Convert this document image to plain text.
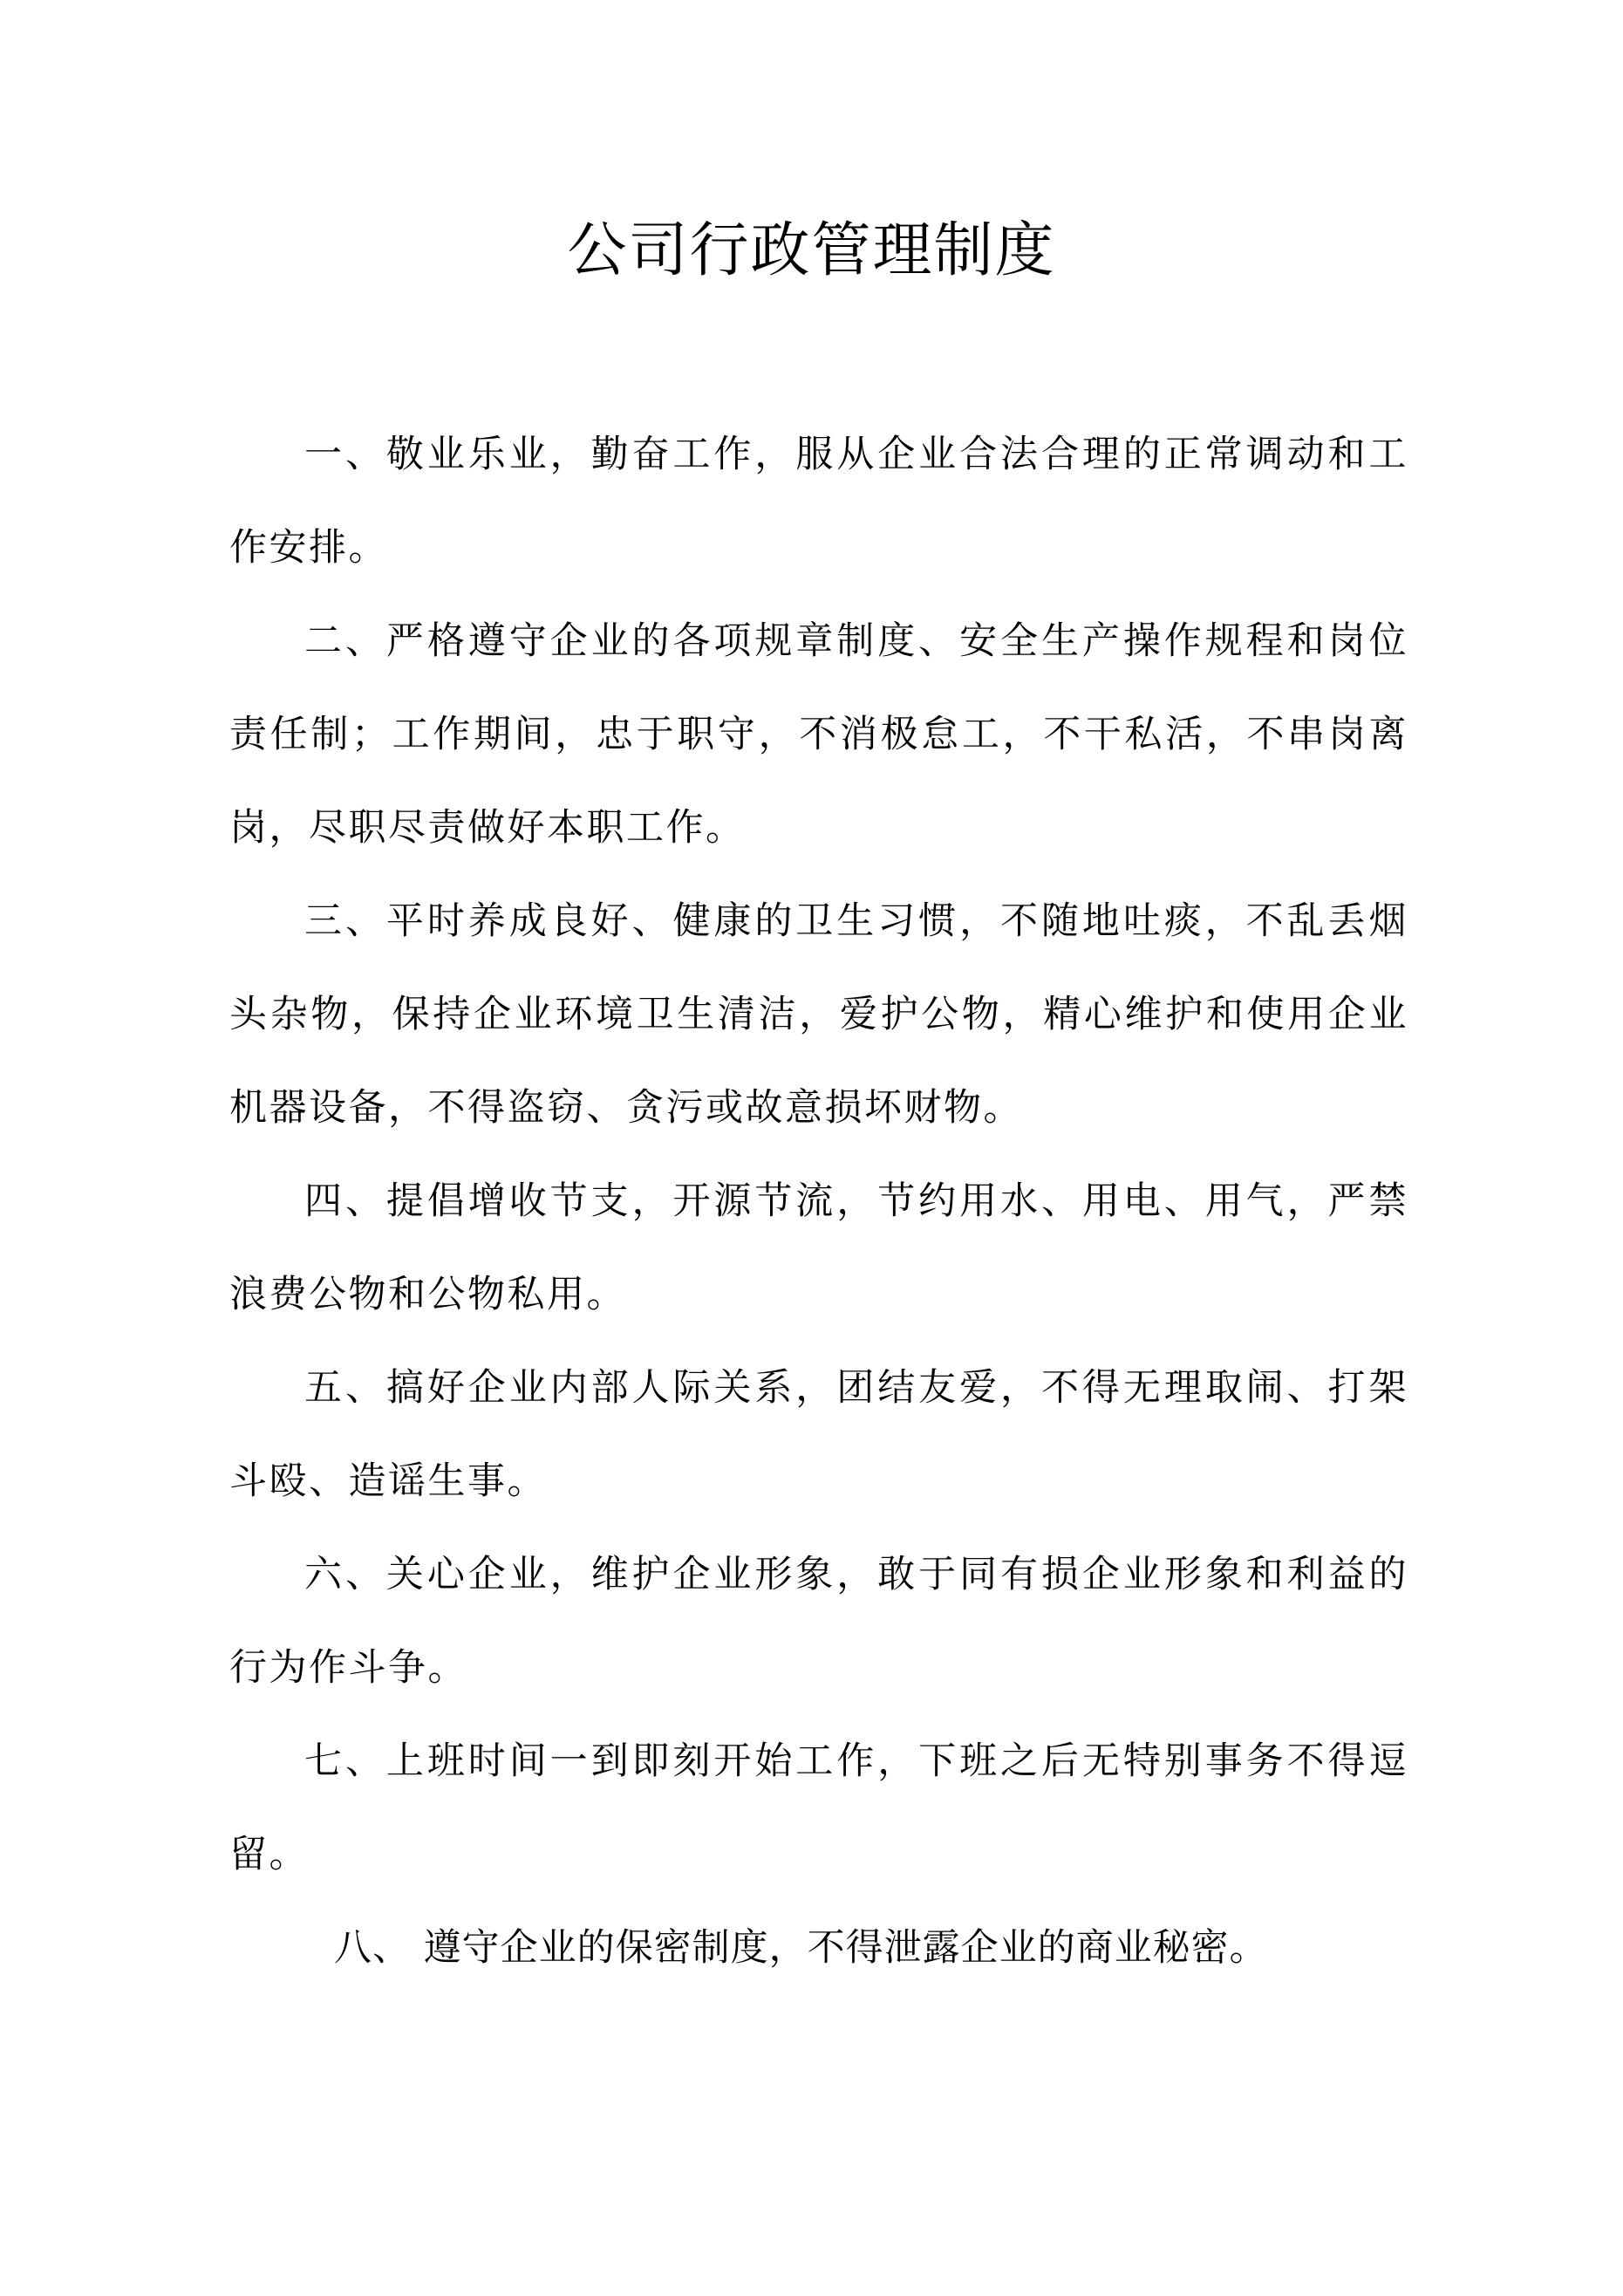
公司行政管理制度

一、敬业乐业，勤奋工作，服从企业合法合理的正常调动和工作安排。

二、严格遵守企业的各项规章制度、安全生产操作规程和岗位责任制；工作期间，忠于职守，不消极怠工，不干私活，不串岗离岗，尽职尽责做好本职工作。

三、平时养成良好、健康的卫生习惯，不随地吐痰，不乱丢烟头杂物，保持企业环境卫生清洁，爱护公物，精心维护和使用企业机器设备，不得盗窃、贪污或故意损坏财物。

四、提倡增收节支，开源节流，节约用水、用电、用气，严禁浪费公物和公物私用。

五、搞好企业内部人际关系，团结友爱，不得无理取闹、打架斗殴、造谣生事。

六、关心企业，维护企业形象，敢于同有损企业形象和利益的行为作斗争。

七、上班时间一到即刻开始工作，下班之后无特别事务不得逗留。

八、 遵守企业的保密制度，不得泄露企业的商业秘密。
